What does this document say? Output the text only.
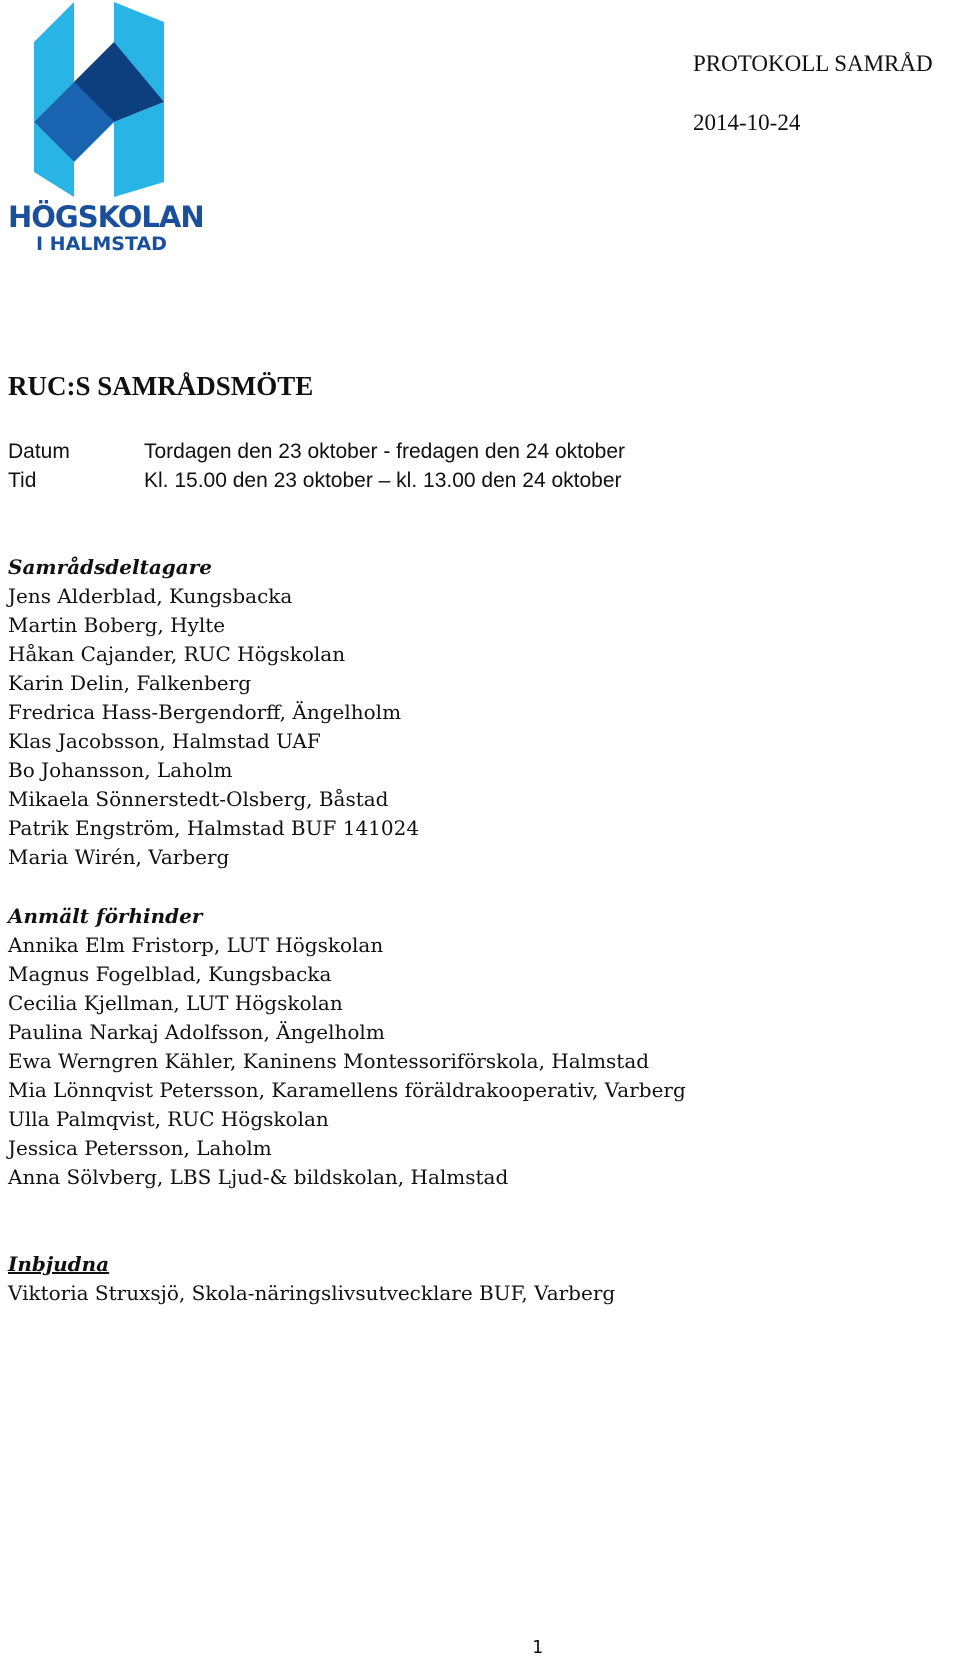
HÖGSKOLAN
I HALMSTAD
PROTOKOLL SAMRÅD
2014-10-24
RUC:S SAMRÅDSMÖTE
Datum	Tordagen den 23 oktober - fredagen den 24 oktober
Tid	Kl. 15.00 den 23 oktober – kl. 13.00 den 24 oktober
Samrådsdeltagare
Jens Alderblad, Kungsbacka
Martin Boberg, Hylte
Håkan Cajander, RUC Högskolan
Karin Delin, Falkenberg
Fredrica Hass-Bergendorff, Ängelholm
Klas Jacobsson, Halmstad UAF
Bo Johansson, Laholm
Mikaela Sönnerstedt-Olsberg, Båstad
Patrik Engström, Halmstad BUF 141024
Maria Wirén, Varberg
Anmält förhinder
Annika Elm Fristorp, LUT Högskolan
Magnus Fogelblad, Kungsbacka
Cecilia Kjellman, LUT Högskolan
Paulina Narkaj Adolfsson, Ängelholm
Ewa Werngren Kähler, Kaninens Montessoriförskola, Halmstad
Mia Lönnqvist Petersson, Karamellens föräldrakooperativ, Varberg
Ulla Palmqvist, RUC Högskolan
Jessica Petersson, Laholm
Anna Sölvberg, LBS Ljud-& bildskolan, Halmstad
Inbjudna
Viktoria Struxsjö, Skola-näringslivsutvecklare BUF, Varberg
1
